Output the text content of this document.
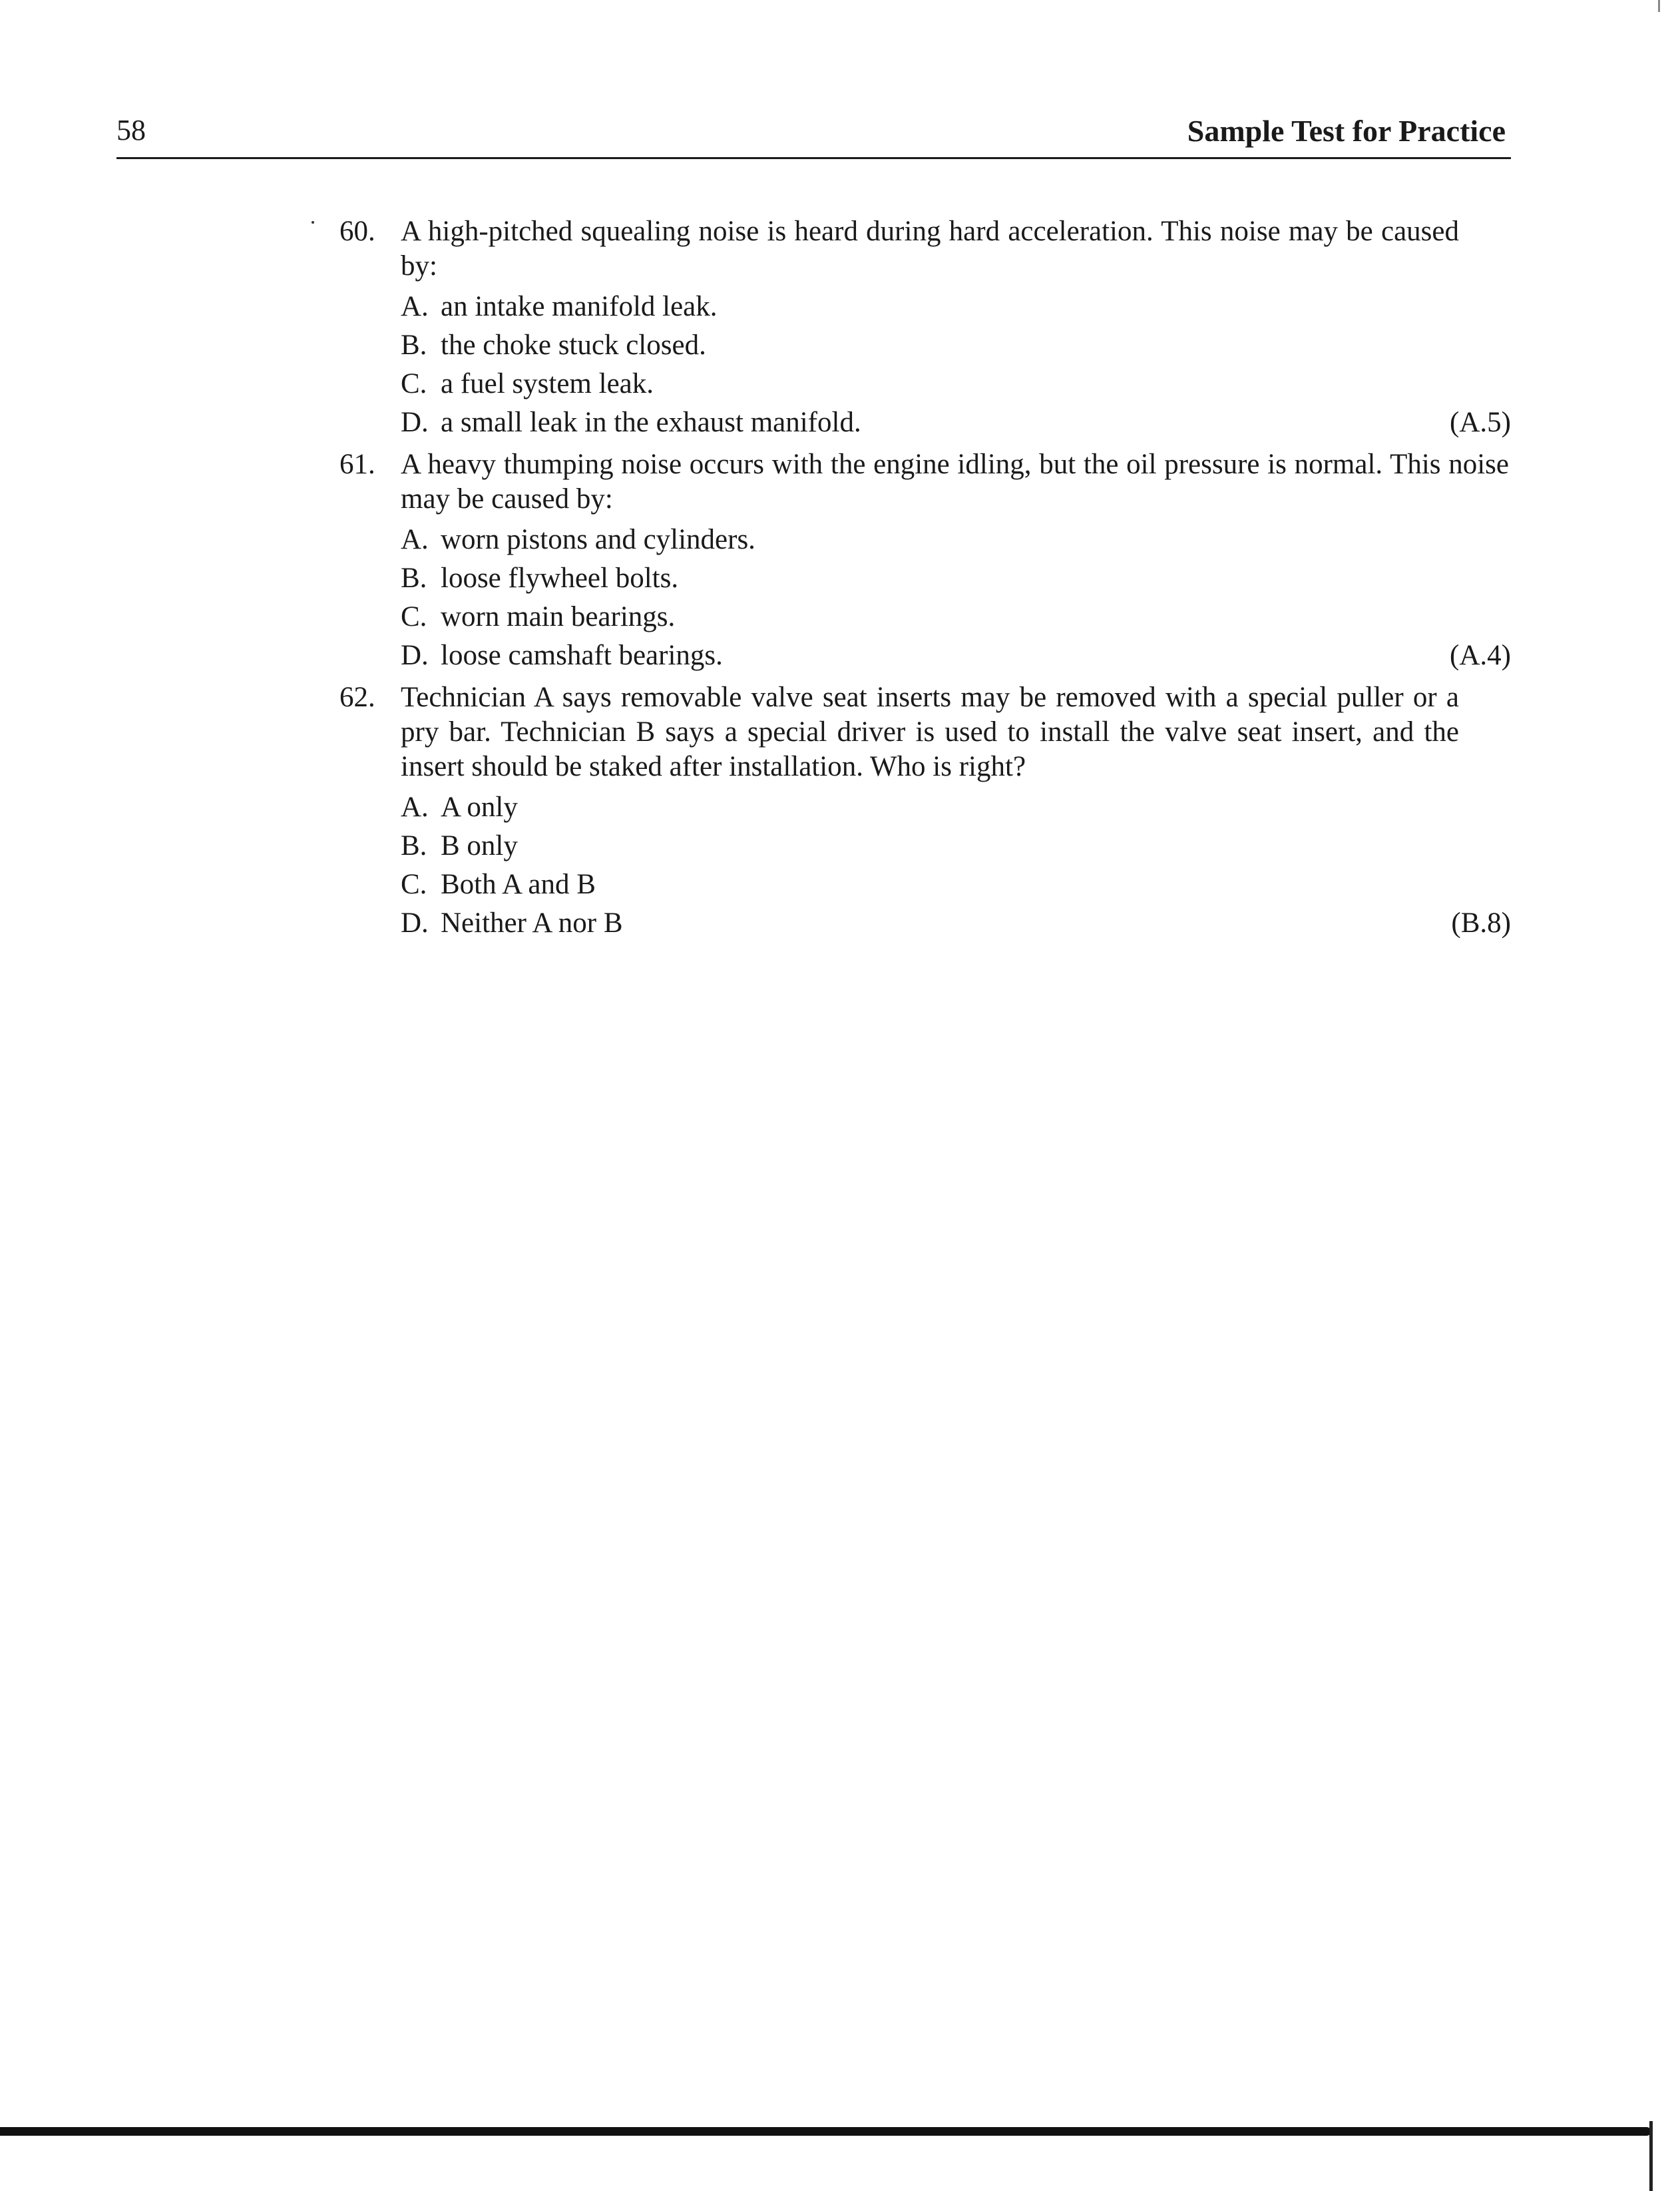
58	Sample Test for Practice
60. A high-pitched squealing noise is heard during hard acceleration. This noise may be caused by:
A. an intake manifold leak.
B. the choke stuck closed.
C. a fuel system leak.
D. a small leak in the exhaust manifold.	(A.5)
61. A heavy thumping noise occurs with the engine idling, but the oil pressure is normal. This noise may be caused by:
A. worn pistons and cylinders.
B. loose flywheel bolts.
C. worn main bearings.
D. loose camshaft bearings.	(A.4)
62. Technician A says removable valve seat inserts may be removed with a special puller or a pry bar. Technician B says a special driver is used to install the valve seat insert, and the insert should be staked after installation. Who is right?
A. A only
B. B only
C. Both A and B
D. Neither A nor B	(B.8)
